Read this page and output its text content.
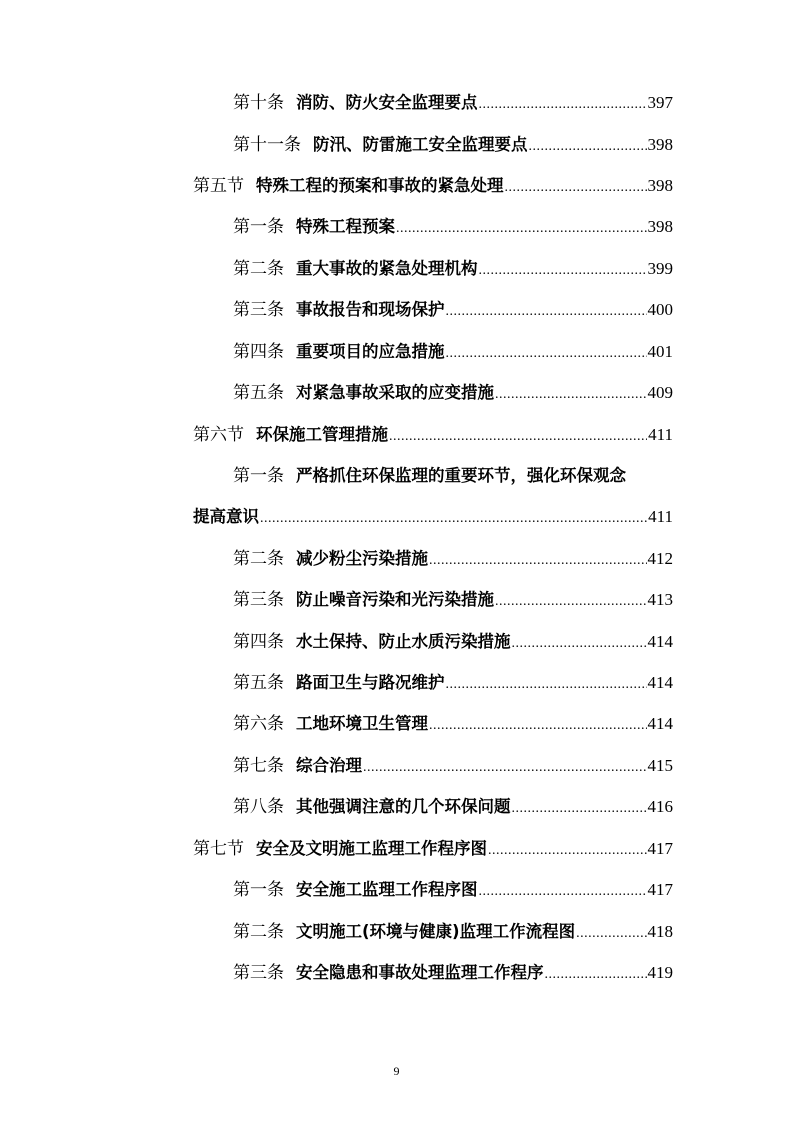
第十条 消防、防火安全监理要点 .....	397
第十一条 防汛、防雷施工安全监理要点 .....	398
第五节 特殊工程的预案和事故的紧急处理 .....	398
第一条 特殊工程预案 .....	398
第二条 重大事故的紧急处理机构 .....	399
第三条 事故报告和现场保护 .....	400
第四条 重要项目的应急措施 .....	401
第五条 对紧急事故采取的应变措施 .....	409
第六节 环保施工管理措施 .....	411
第一条 严格抓住环保监理的重要环节，强化环保观念
提高意识 .....	411
第二条 减少粉尘污染措施 .....	412
第三条 防止噪音污染和光污染措施 .....	413
第四条 水土保持、防止水质污染措施 .....	414
第五条 路面卫生与路况维护 .....	414
第六条 工地环境卫生管理 .....	414
第七条 综合治理 .....	415
第八条 其他强调注意的几个环保问题 .....	416
第七节 安全及文明施工监理工作程序图 .....	417
第一条 安全施工监理工作程序图 .....	417
第二条 文明施工(环境与健康)监理工作流程图 .....	418
第三条 安全隐患和事故处理监理工作程序 .....	419
9
